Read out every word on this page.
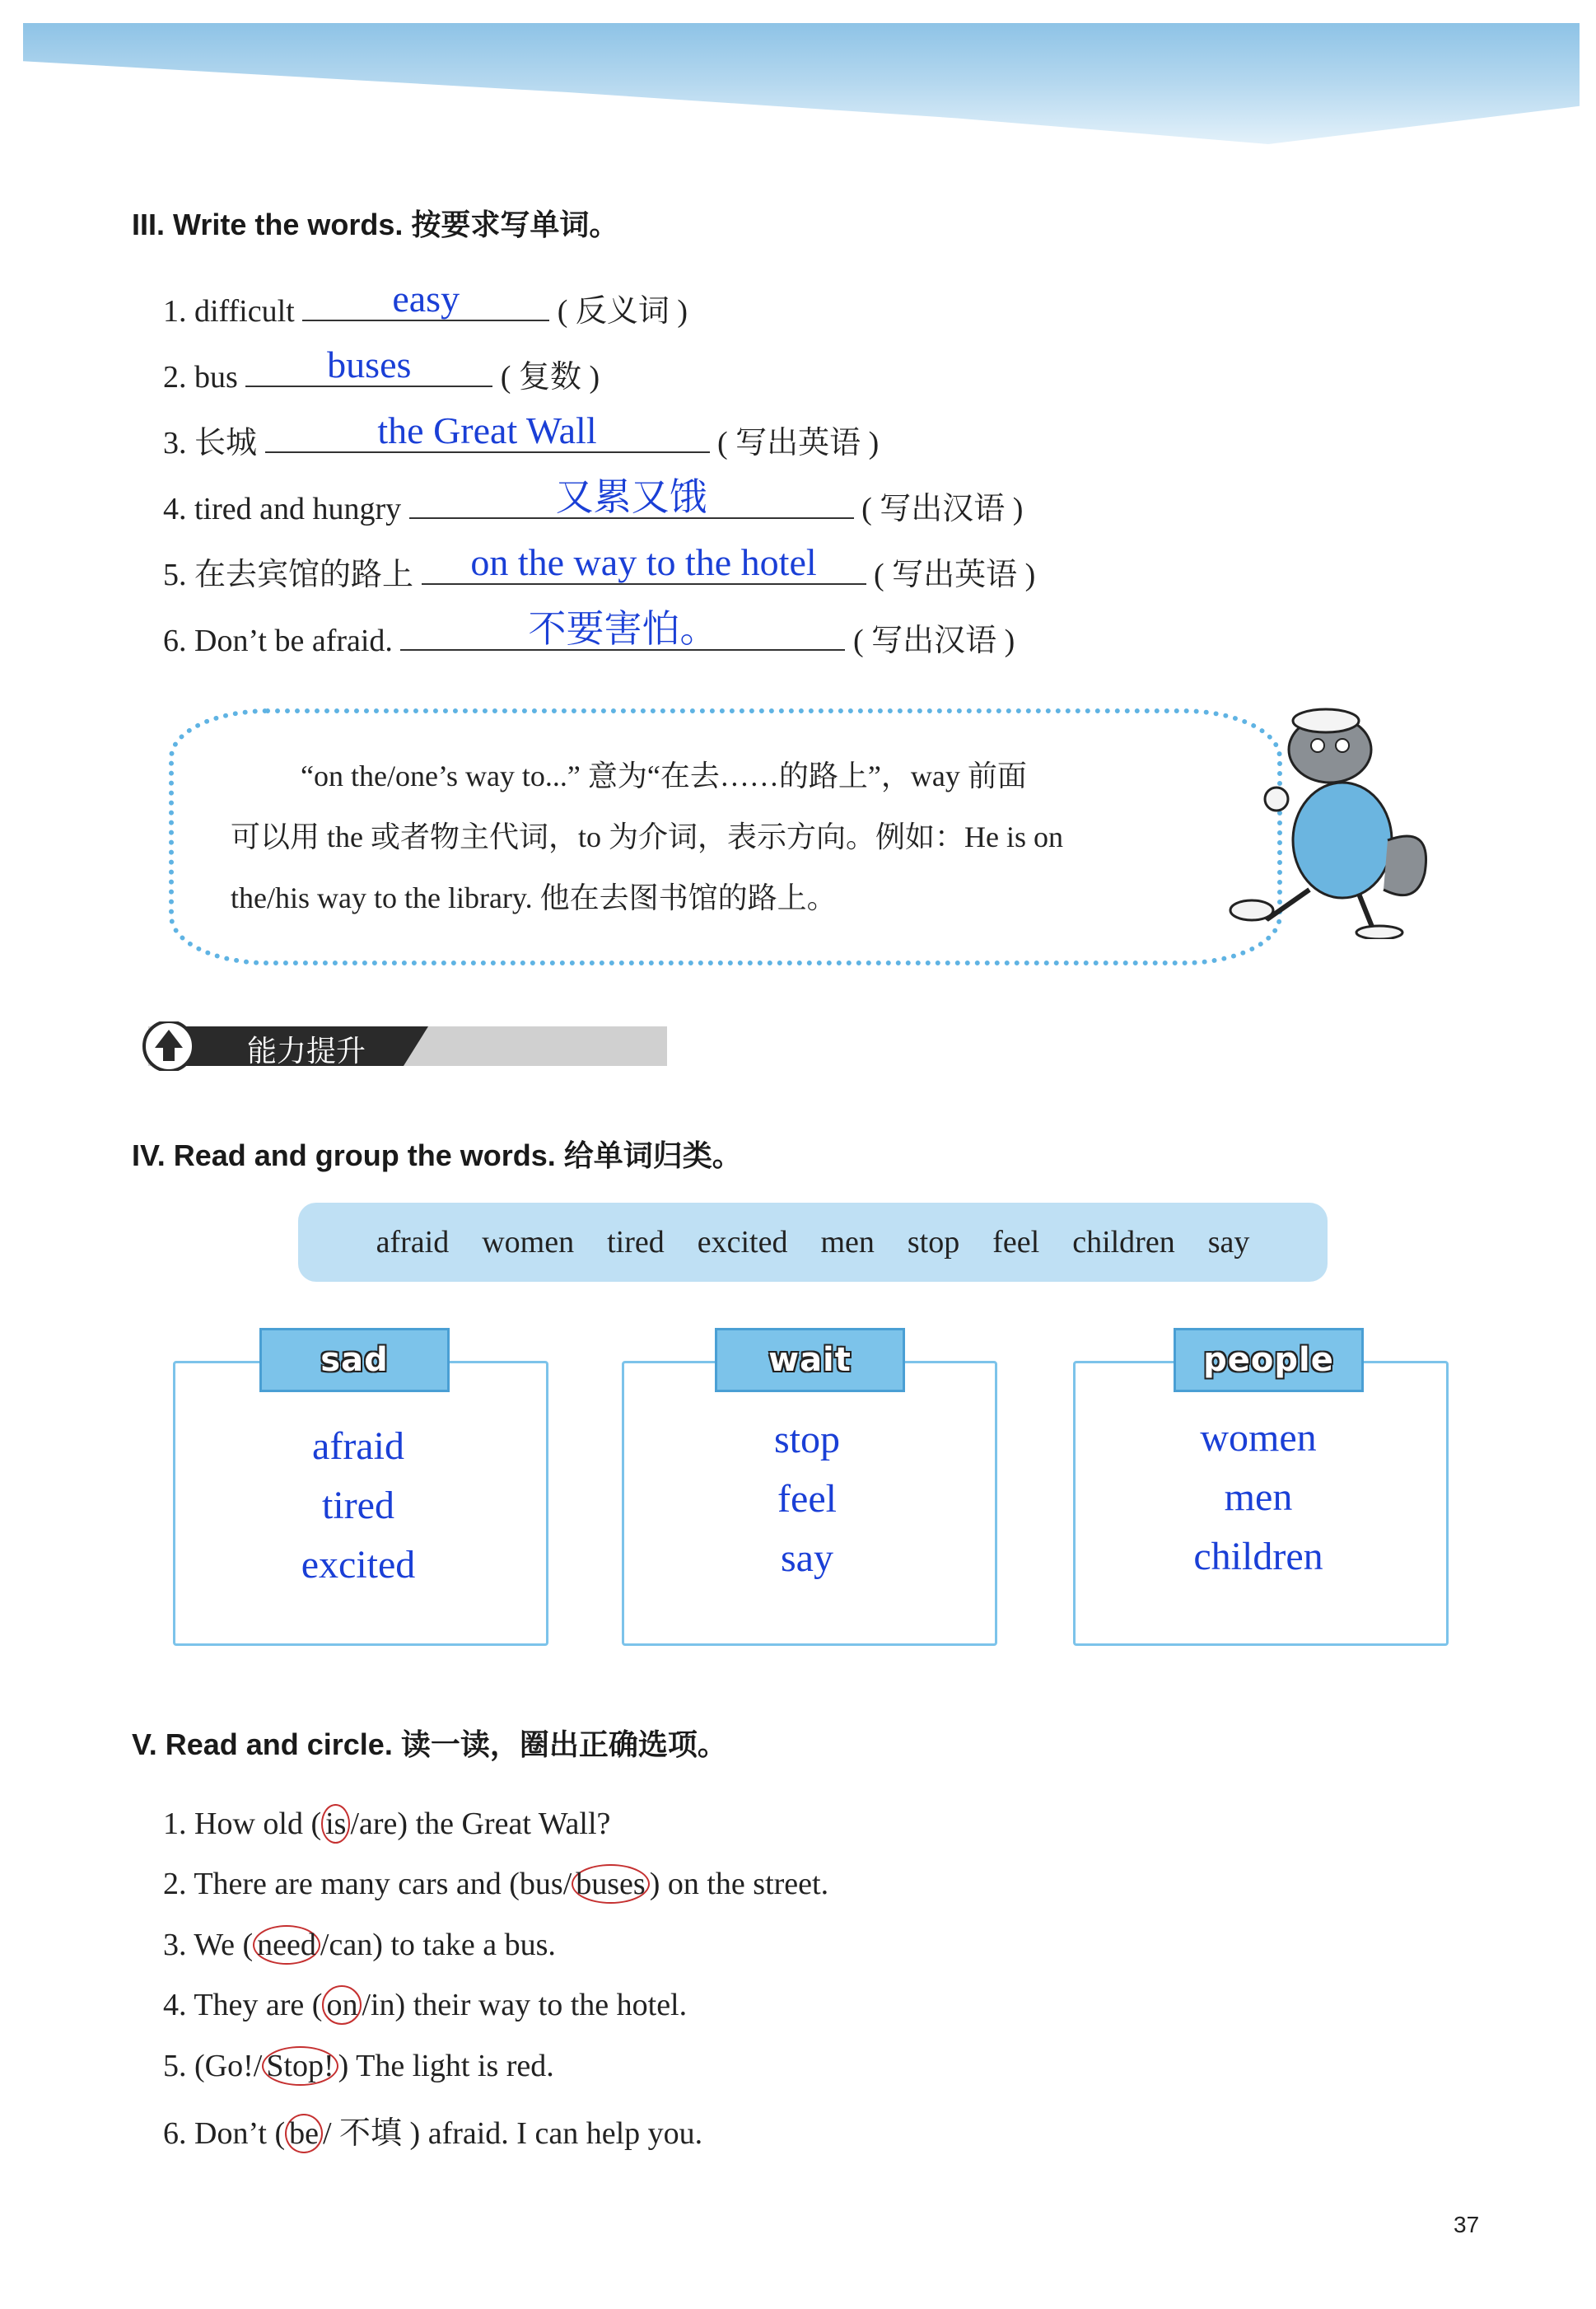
III. Write the words. 按要求写单词。
1. difficult	easy	( 反义词 )
2. bus	buses	( 复数 )
3. 长城	the Great Wall	( 写出英语 )
4. tired and hungry	又累又饿	( 写出汉语 )
5. 在去宾馆的路上	on the way to the hotel	( 写出英语 )
6. Don’t be afraid.	不要害怕。	( 写出汉语 )
“on the/one’s way to...” 意为“在去……的路上”，way 前面
可以用 the 或者物主代词，to 为介词，表示方向。例如：He is on
the/his way to the library. 他在去图书馆的路上。
能力提升
IV. Read and group the words. 给单词归类。
afraid women tired excited men stop feel children say
sad
afraid
tired
excited
wait
stop
feel
say
people
women
men
children
V. Read and circle. 读一读，圈出正确选项。
1. How old ( is /are) the Great Wall?
2. There are many cars and (bus/ buses ) on the street.
3. We ( need /can) to take a bus.
4. They are ( on /in) their way to the hotel.
5. (Go!/ Stop! ) The light is red.
6. Don’t ( be / 不填 ) afraid. I can help you.
37
